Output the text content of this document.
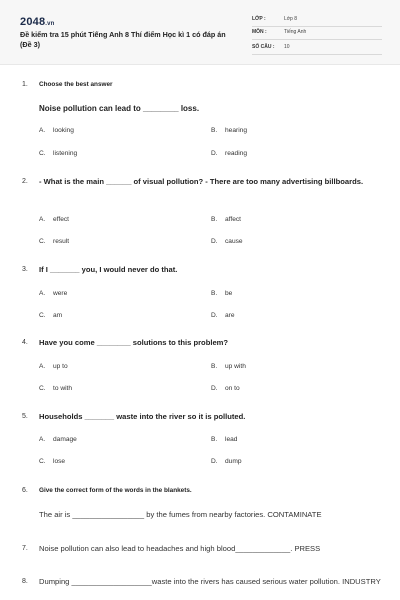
2048.vn
Đề kiểm tra 15 phút Tiếng Anh 8 Thí điểm Học kì 1 có đáp án (Đề 3)
LỚP :	Lớp 8
MÔN :	Tiếng Anh
SỐ CÂU : 10
1. Choose the best answer
Noise pollution can lead to ________ loss.
A. looking	B. hearing
C. listening	D. reading
2. - What is the main ______ of visual pollution? - There are too many advertising billboards.
A. effect	B. affect
C. result	D. cause
3. If I _______ you, I would never do that.
A. were	B. be
C. am	D. are
4. Have you come ________ solutions to this problem?
A. up to	B. up with
C. to with	D. on to
5. Households _______ waste into the river so it is polluted.
A. damage	B. lead
C. lose	D. dump
6. Give the correct form of the words in the blankets.
The air is _________________ by the fumes from nearby factories. CONTAMINATE
7. Noise pollution can also lead to headaches and high blood_____________. PRESS
8. Dumping ___________________waste into the rivers has caused serious water pollution. INDUSTRY
